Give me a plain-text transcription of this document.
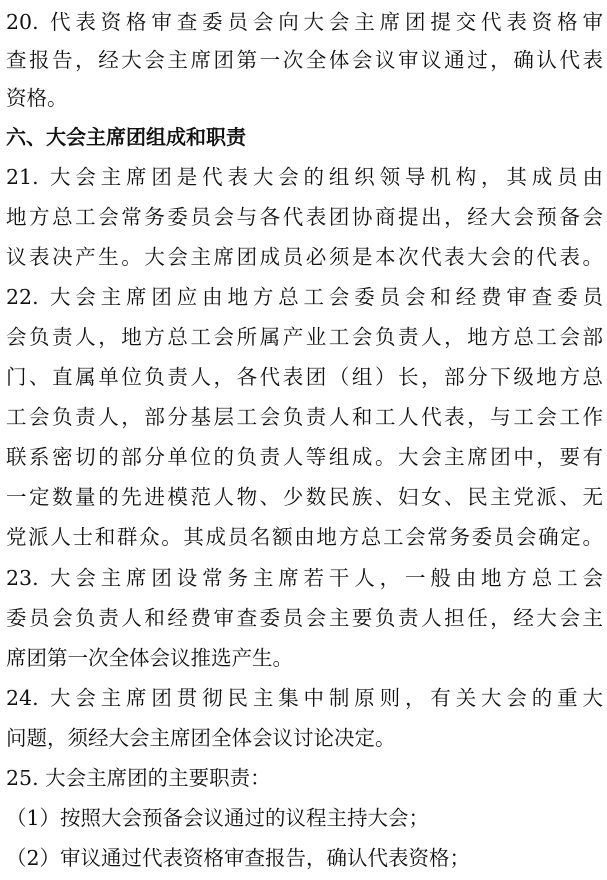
20. 代表资格审查委员会向大会主席团提交代表资格审
查报告，经大会主席团第一次全体会议审议通过，确认代表
资格。
六、大会主席团组成和职责
21. 大会主席团是代表大会的组织领导机构，其成员由
地方总工会常务委员会与各代表团协商提出，经大会预备会
议表决产生。大会主席团成员必须是本次代表大会的代表。
22. 大会主席团应由地方总工会委员会和经费审查委员
会负责人，地方总工会所属产业工会负责人，地方总工会部
门、直属单位负责人，各代表团（组）长，部分下级地方总
工会负责人，部分基层工会负责人和工人代表，与工会工作
联系密切的部分单位的负责人等组成。大会主席团中，要有
一定数量的先进模范人物、少数民族、妇女、民主党派、无
党派人士和群众。其成员名额由地方总工会常务委员会确定。
23. 大会主席团设常务主席若干人，一般由地方总工会
委员会负责人和经费审查委员会主要负责人担任，经大会主
席团第一次全体会议推选产生。
24. 大会主席团贯彻民主集中制原则，有关大会的重大
问题，须经大会主席团全体会议讨论决定。
25. 大会主席团的主要职责：
（1）按照大会预备会议通过的议程主持大会；
（2）审议通过代表资格审查报告，确认代表资格；
